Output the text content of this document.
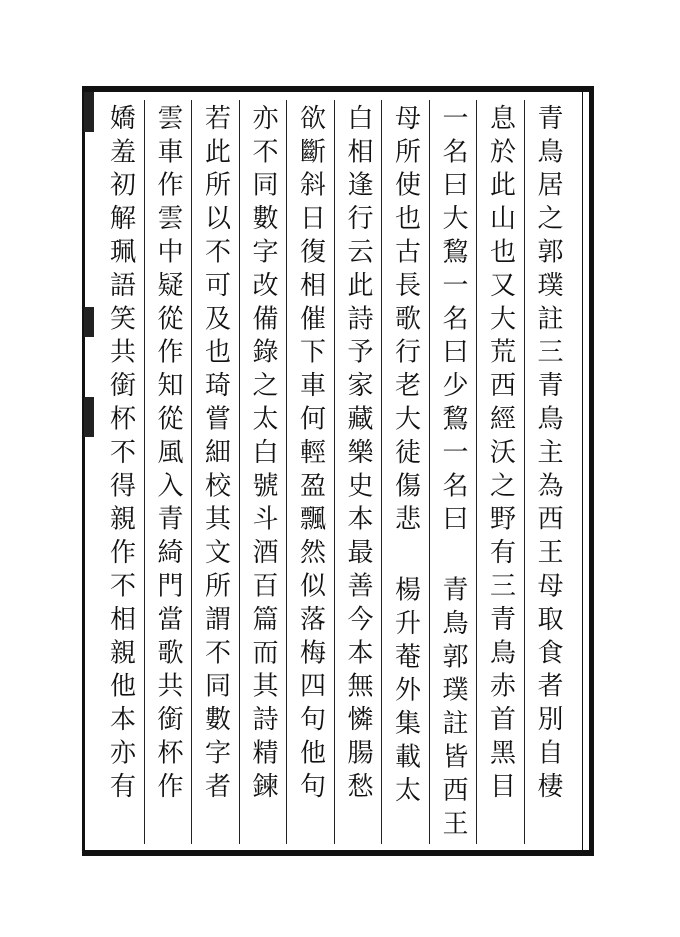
青鳥居之郭璞註三青鳥主為西王母取食者別自棲
息於此山也又大荒西經沃之野有三青鳥赤首黑目
一名曰大鵹一名曰少鵹一名曰 青鳥郭璞註皆西王
母所使也古長歌行老大徒傷悲 楊升菴外集載太
白相逢行云此詩予家藏樂史本最善今本無憐腸愁
欲斷斜日復相催下車何輕盈飄然似落梅四句他句
亦不同數字改備錄之太白號斗酒百篇而其詩精鍊
若此所以不可及也琦嘗細校其文所謂不同數字者
雲車作雲中疑從作知從風入青綺門當歌共銜杯作
嬌羞初解珮語笑共銜杯不得親作不相親他本亦有
